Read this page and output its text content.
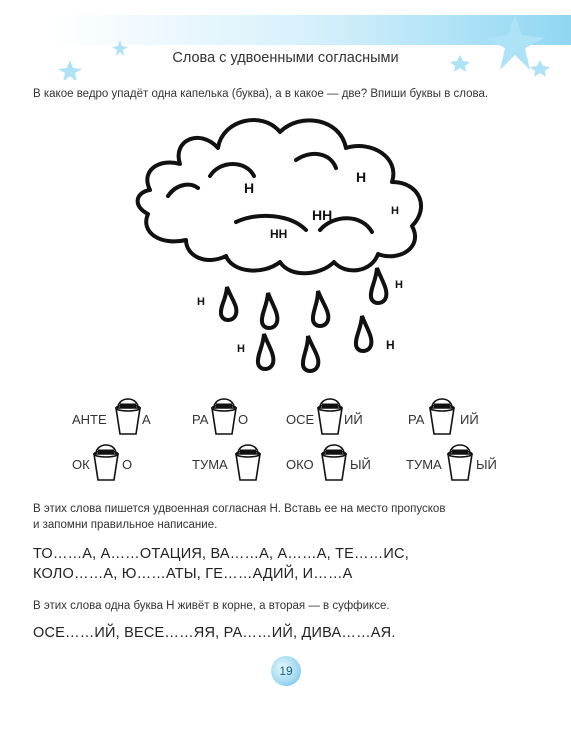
Слова с удвоенными согласными
В какое ведро упадёт одна капелька (буква), а в какое — две? Впиши буквы в слова.
Н
Н
НН	Н
НН
Н
Н
Н	Н
АНТЕ	А	РА О	ОСЕ ИЙ	РА	ИЙ
ОК О	ТУМА	ОКО	ЫЙ	ТУМА	ЫЙ
В этих слова пишется удвоенная согласная Н. Вставь ее на место пропусков
и запомни правильное написание.
ТО……А, А……ОТАЦИЯ, ВА……А, А……А, ТЕ……ИС,
КОЛО……А, Ю……АТЫ, ГЕ……АДИЙ, И……А
В этих слова одна буква Н живёт в корне, а вторая — в суффиксе.
ОСЕ……ИЙ, ВЕСЕ……ЯЯ, РА……ИЙ, ДИВА……АЯ.
19
